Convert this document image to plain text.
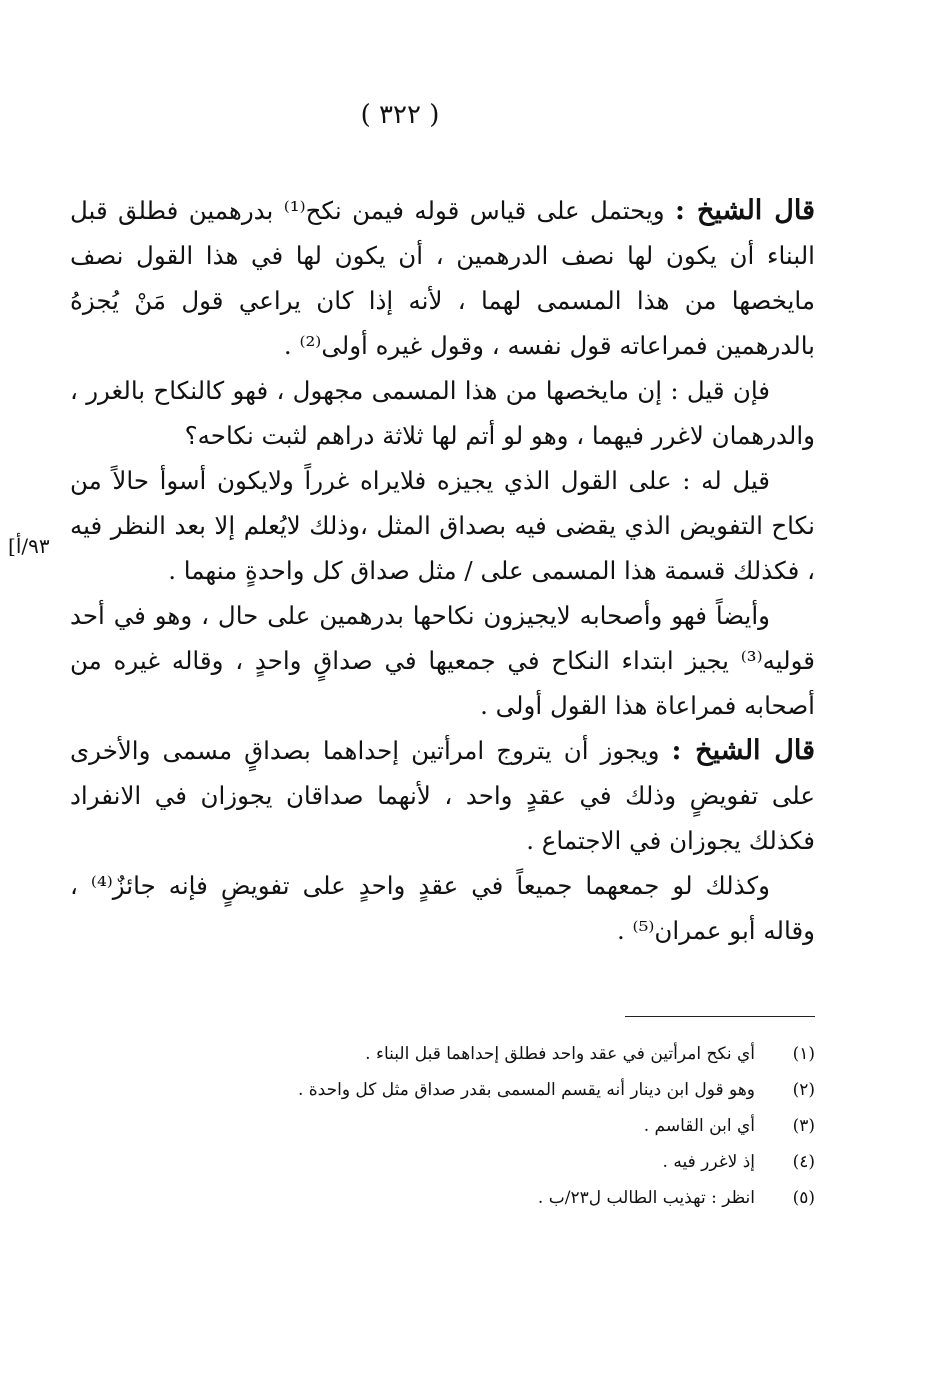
( ٣٢٢ )
[٩٣/أ

قال الشيخ : ويحتمل على قياس قوله فيمن نكح⁽¹⁾ بدرهمين فطلق قبل البناء أن يكون لها نصف الدرهمين ، أن يكون لها في هذا القول نصف مايخصها من هذا المسمى لهما ، لأنه إذا كان يراعي قول مَنْ يُجزهُ بالدرهمين فمراعاته قول نفسه ، وقول غيره أولى⁽²⁾ .

فإن قيل : إن مايخصها من هذا المسمى مجهول ، فهو كالنكاح بالغرر ، والدرهمان لاغرر فيهما ، وهو لو أتم لها ثلاثة دراهم لثبت نكاحه؟

قيل له : على القول الذي يجيزه فلايراه غرراً ولايكون أسوأ حالاً من نكاح التفويض الذي يقضى فيه بصداق المثل ،وذلك لايُعلم إلا بعد النظر فيه ، فكذلك قسمة هذا المسمى على / مثل صداق كل واحدةٍ منهما .

وأيضاً فهو وأصحابه لايجيزون نكاحها بدرهمين على حال ، وهو في أحد قوليه⁽³⁾ يجيز ابتداء النكاح في جمعيها في صداقٍ واحدٍ ، وقاله غيره من أصحابه فمراعاة هذا القول أولى .

قال الشيخ : ويجوز أن يتروج امرأتين إحداهما بصداقٍ مسمى والأخرى على تفويضٍ وذلك في عقدٍ واحد ، لأنهما صداقان يجوزان في الانفراد فكذلك يجوزان في الاجتماع .

وكذلك لو جمعهما جميعاً في عقدٍ واحدٍ على تفويضٍ فإنه جائزٌ⁽⁴⁾ ، وقاله أبو عمران⁽⁵⁾ .

(١)
أي نكح امرأتين في عقد واحد فطلق إحداهما قبل البناء .
(٢)
وهو قول ابن دينار أنه يقسم المسمى بقدر صداق مثل كل واحدة .
(٣)
أي ابن القاسم .
(٤)
إذ لاغرر فيه .
(٥)
انظر : تهذيب الطالب ل٢٣/ب .
